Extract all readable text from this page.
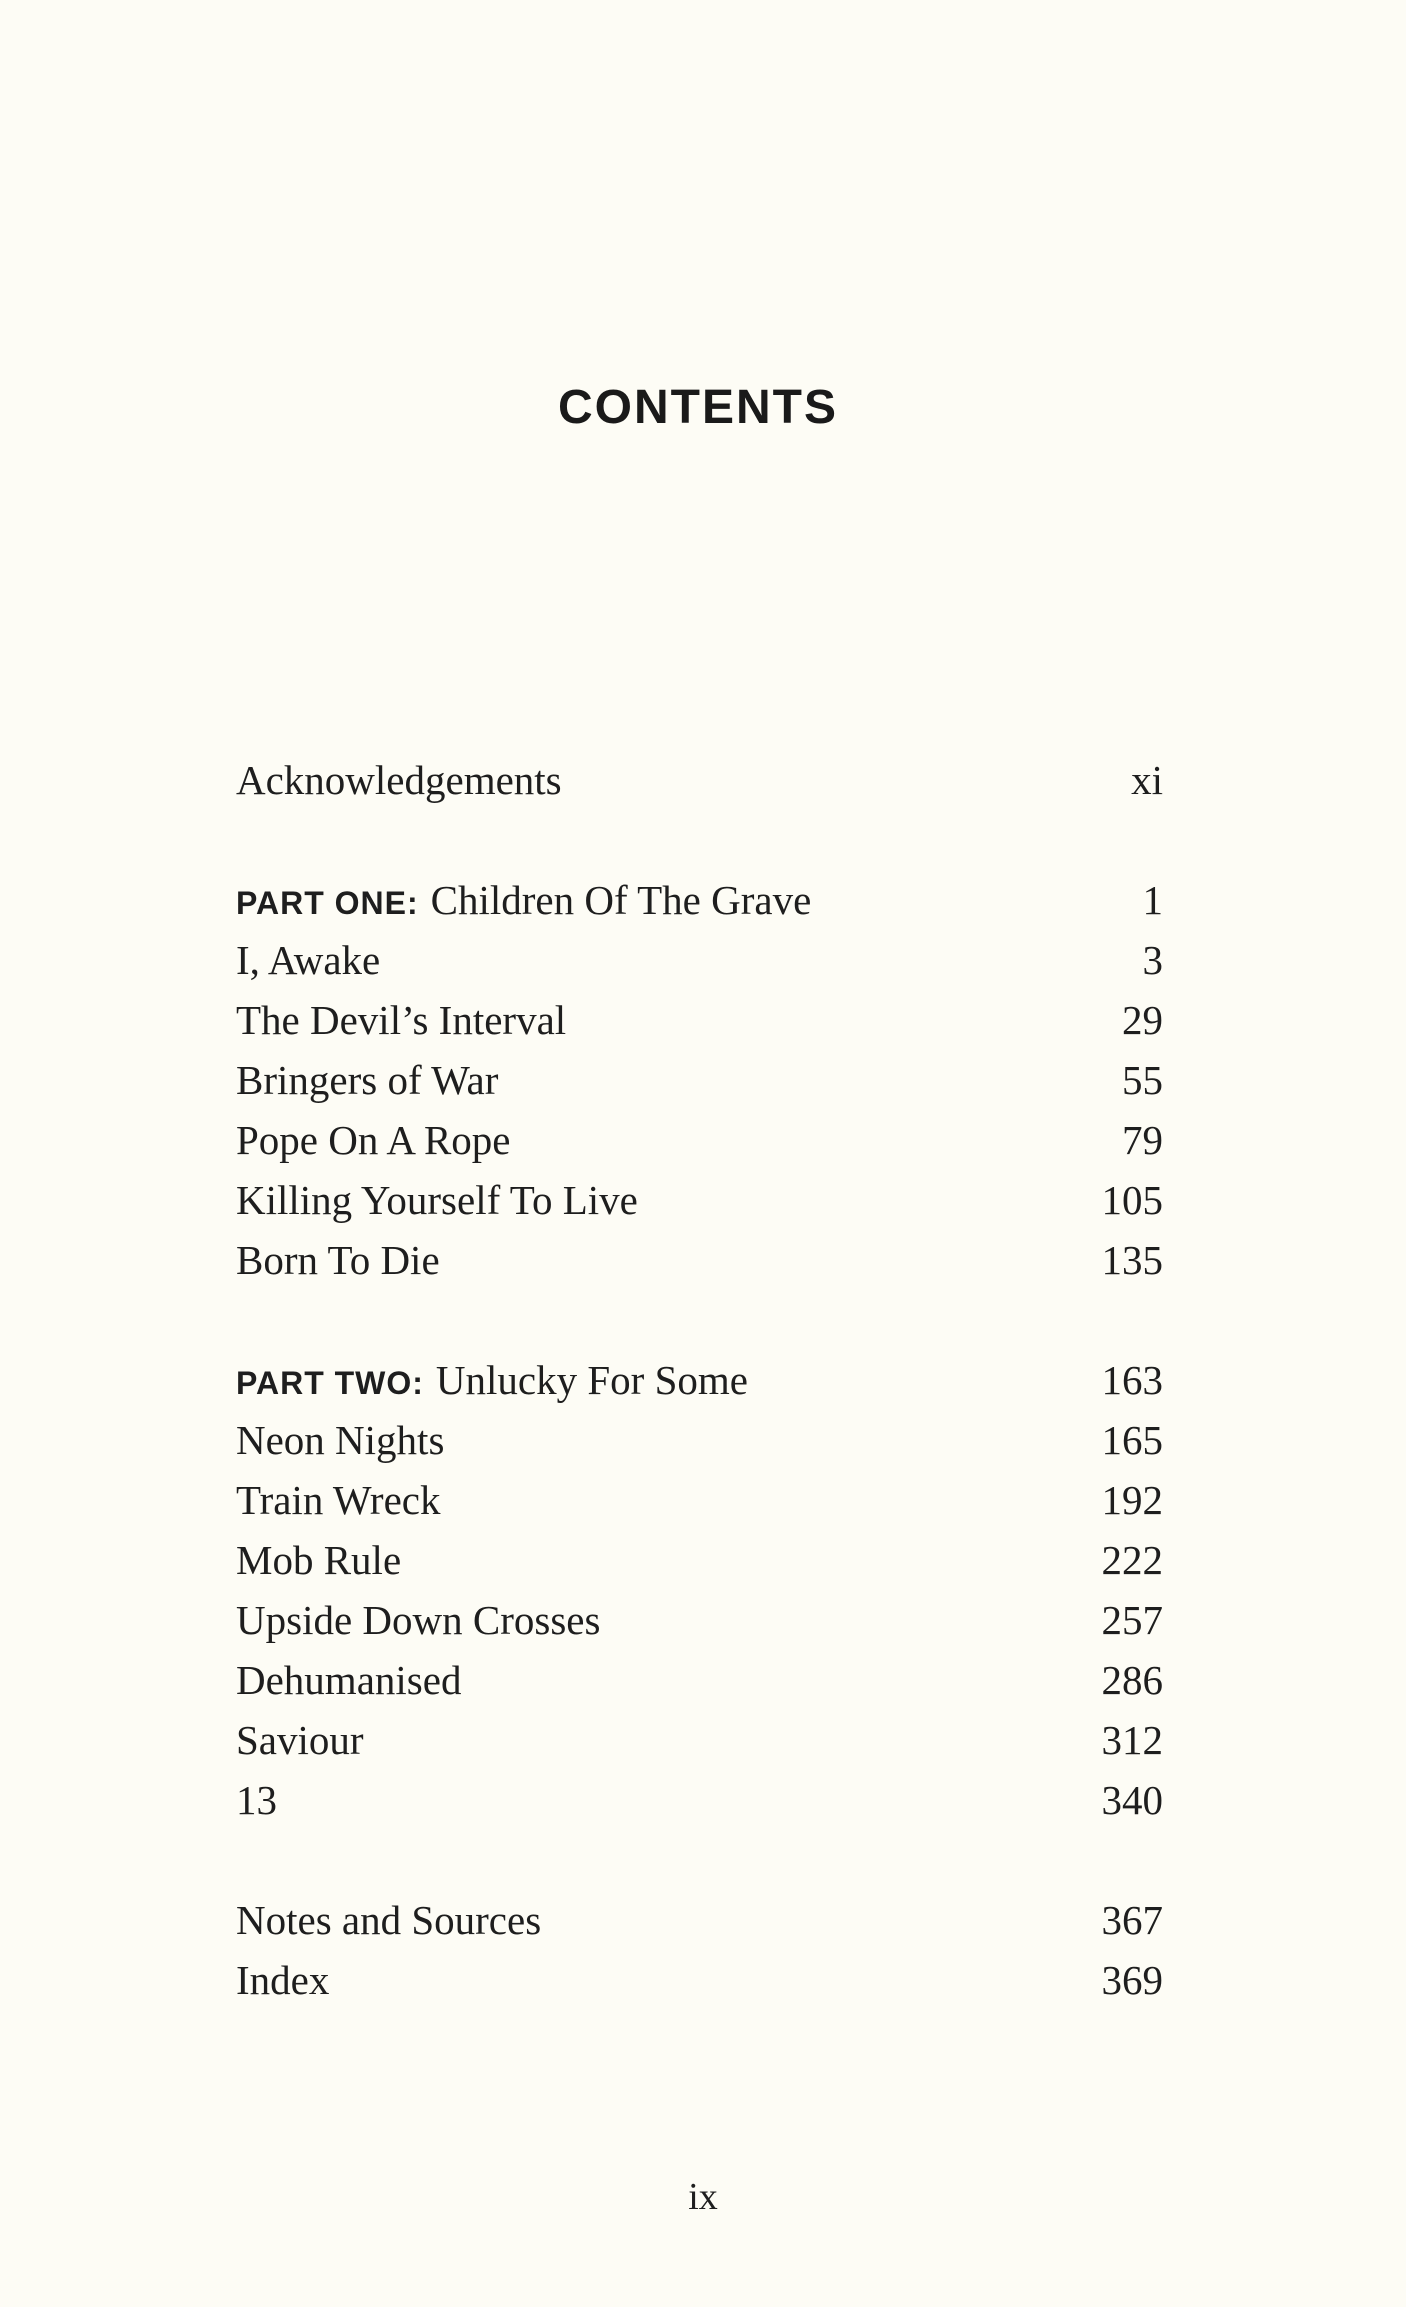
CONTENTS
Acknowledgements	xi
PART ONE: Children Of The Grave	1
I, Awake	3
The Devil’s Interval	29
Bringers of War	55
Pope On A Rope	79
Killing Yourself To Live	105
Born To Die	135
PART TWO: Unlucky For Some	163
Neon Nights	165
Train Wreck	192
Mob Rule	222
Upside Down Crosses	257
Dehumanised	286
Saviour	312
13	340
Notes and Sources	367
Index	369
ix
